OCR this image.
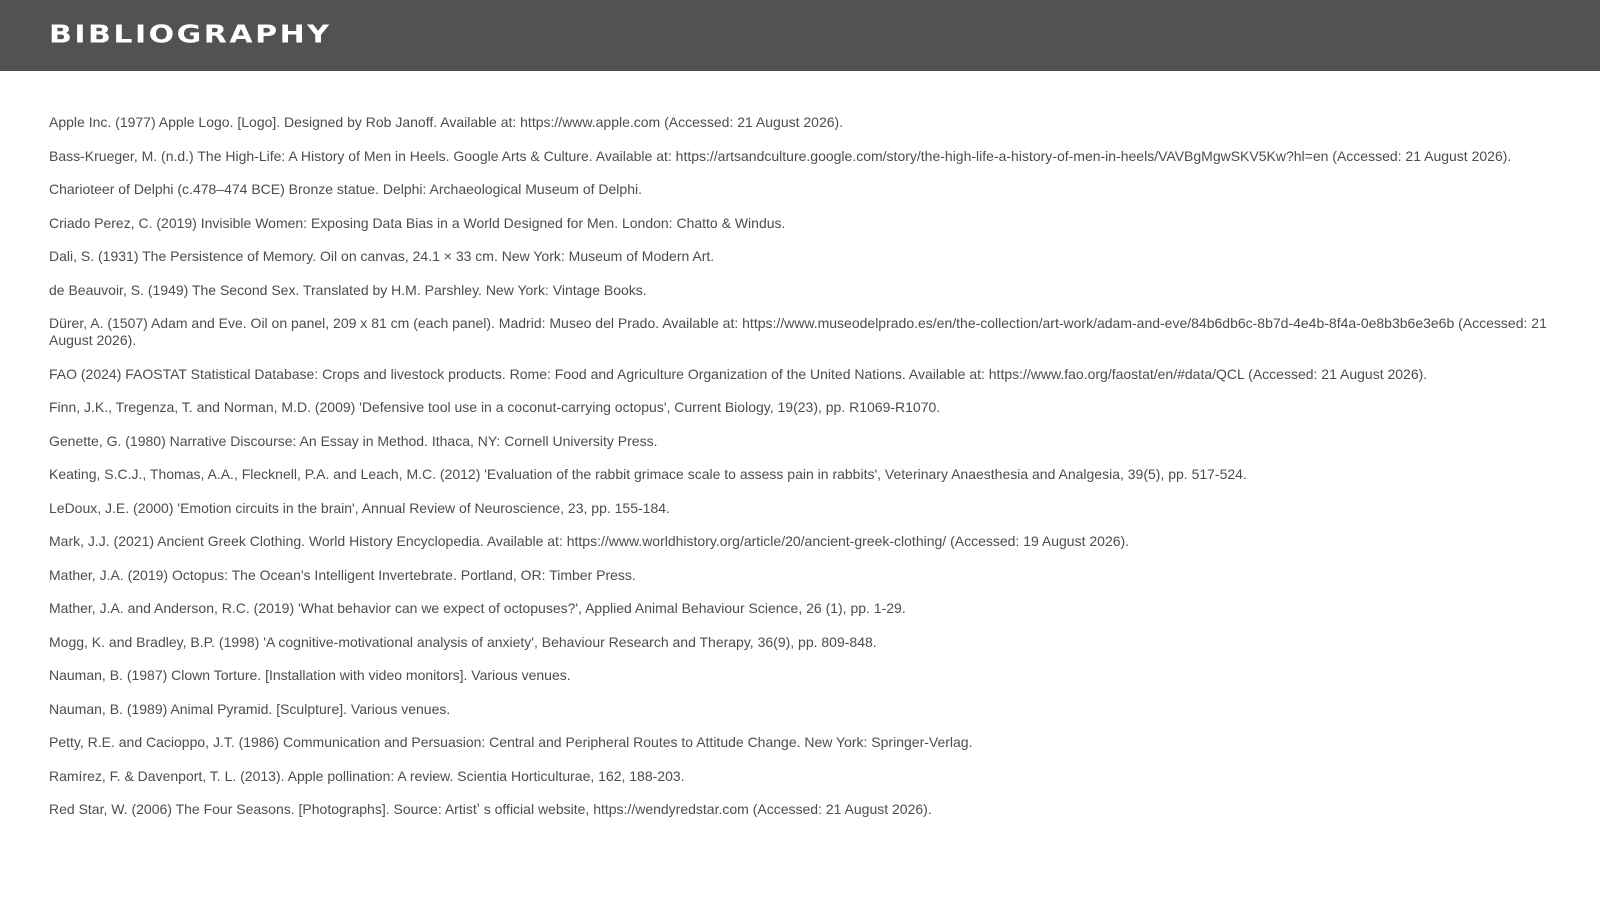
BIBLIOGRAPHY
Apple Inc. (1977) Apple Logo. [Logo]. Designed by Rob Janoff. Available at: https://www.apple.com (Accessed: 21 August 2026).
Bass-Krueger, M. (n.d.) The High-Life: A History of Men in Heels. Google Arts & Culture. Available at: https://artsandculture.google.com/story/the-high-life-a-history-of-men-in-heels/VAVBgMgwSKV5Kw?hl=en (Accessed: 21 August 2026).
Charioteer of Delphi (c.478–474 BCE) Bronze statue. Delphi: Archaeological Museum of Delphi.
Criado Perez, C. (2019) Invisible Women: Exposing Data Bias in a World Designed for Men. London: Chatto & Windus.
Dali, S. (1931) The Persistence of Memory. Oil on canvas, 24.1 × 33 cm. New York: Museum of Modern Art.
de Beauvoir, S. (1949) The Second Sex. Translated by H.M. Parshley. New York: Vintage Books.
Dürer, A. (1507) Adam and Eve. Oil on panel, 209 x 81 cm (each panel). Madrid: Museo del Prado. Available at: https://www.museodelprado.es/en/the-collection/art-work/adam-and-eve/84b6db6c-8b7d-4e4b-8f4a-0e8b3b6e3e6b (Accessed: 21 August 2026).
FAO (2024) FAOSTAT Statistical Database: Crops and livestock products. Rome: Food and Agriculture Organization of the United Nations. Available at: https://www.fao.org/faostat/en/#data/QCL (Accessed: 21 August 2026).
Finn, J.K., Tregenza, T. and Norman, M.D. (2009) 'Defensive tool use in a coconut-carrying octopus', Current Biology, 19(23), pp. R1069-R1070.
Genette, G. (1980) Narrative Discourse: An Essay in Method. Ithaca, NY: Cornell University Press.
Keating, S.C.J., Thomas, A.A., Flecknell, P.A. and Leach, M.C. (2012) 'Evaluation of the rabbit grimace scale to assess pain in rabbits', Veterinary Anaesthesia and Analgesia, 39(5), pp. 517-524.
LeDoux, J.E. (2000) 'Emotion circuits in the brain', Annual Review of Neuroscience, 23, pp. 155-184.
Mark, J.J. (2021) Ancient Greek Clothing. World History Encyclopedia. Available at: https://www.worldhistory.org/article/20/ancient-greek-clothing/ (Accessed: 19 August 2026).
Mather, J.A. (2019) Octopus: The Ocean's Intelligent Invertebrate. Portland, OR: Timber Press.
Mather, J.A. and Anderson, R.C. (2019) 'What behavior can we expect of octopuses?', Applied Animal Behaviour Science, 26 (1), pp. 1-29.
Mogg, K. and Bradley, B.P. (1998) 'A cognitive-motivational analysis of anxiety', Behaviour Research and Therapy, 36(9), pp. 809-848.
Nauman, B. (1987) Clown Torture. [Installation with video monitors]. Various venues.
Nauman, B. (1989) Animal Pyramid. [Sculpture]. Various venues.
Petty, R.E. and Cacioppo, J.T. (1986) Communication and Persuasion: Central and Peripheral Routes to Attitude Change. New York: Springer-Verlag.
Ramírez, F. & Davenport, T. L. (2013). Apple pollination: A review. Scientia Horticulturae, 162, 188-203.
Red Star, W. (2006) The Four Seasons. [Photographs]. Source: Artistʼ s official website, https://wendyredstar.com (Accessed: 21 August 2026).
